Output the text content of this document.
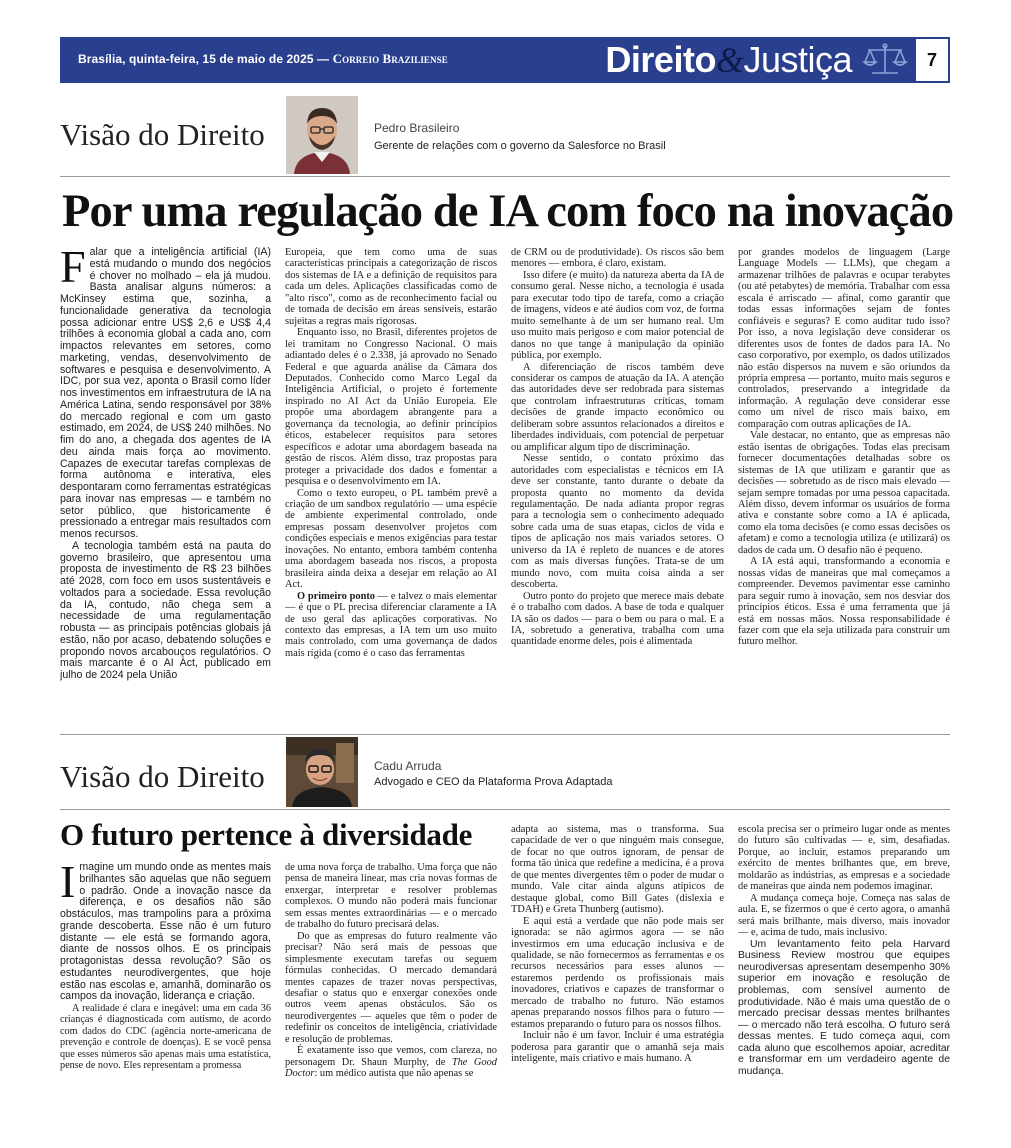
Brasília, quinta-feira, 15 de maio de 2025 — Correio Braziliense	Direito&Justiça	7
Visão do Direito	Pedro Brasileiro
Gerente de relações com o governo da Salesforce no Brasil
Por uma regulação de IA com foco na inovação

Falar que a inteligência artificial (IA) está mudando o mundo dos negócios é chover no molhado – ela já mudou. Basta analisar alguns números: a McKinsey estima que, sozinha, a funcionalidade generativa da tecnologia possa adicionar entre US$ 2,6 e US$ 4,4 trilhões à economia global a cada ano, com impactos relevantes em setores, como marketing, vendas, desenvolvimento de softwares e pesquisa e desenvolvimento. A IDC, por sua vez, aponta o Brasil como líder nos investimentos em infraestrutura de IA na América Latina, sendo responsável por 38% do mercado regional e com um gasto estimado, em 2024, de US$ 240 milhões. No fim do ano, a chegada dos agentes de IA deu ainda mais força ao movimento. Capazes de executar tarefas complexas de forma autônoma e interativa, eles despontaram como ferramentas estratégicas para inovar nas empresas — e também no setor público, que historicamente é pressionado a entregar mais resultados com menos recursos.

A tecnologia também está na pauta do governo brasileiro, que apresentou uma proposta de investimento de R$ 23 bilhões até 2028, com foco em usos sustentáveis e voltados para a sociedade. Essa revolução da IA, contudo, não chega sem a necessidade de uma regulamentação robusta — as principais potências globais já estão, não por acaso, debatendo soluções e propondo novos arcabouços regulatórios. O mais marcante é o AI Act, publicado em julho de 2024 pela União

Europeia, que tem como uma de suas características principais a categorização de riscos dos sistemas de IA e a definição de requisitos para cada um deles. Aplicações classificadas como de "alto risco", como as de reconhecimento facial ou de tomada de decisão em áreas sensíveis, estarão sujeitas a regras mais rigorosas.

Enquanto isso, no Brasil, diferentes projetos de lei tramitam no Congresso Nacional. O mais adiantado deles é o 2.338, já aprovado no Senado Federal e que aguarda análise da Câmara dos Deputados. Conhecido como Marco Legal da Inteligência Artificial, o projeto é fortemente inspirado no AI Act da União Europeia. Ele propõe uma abordagem abrangente para a governança da tecnologia, ao definir princípios éticos, estabelecer requisitos para setores específicos e adotar uma abordagem baseada na gestão de riscos. Além disso, traz propostas para proteger a privacidade dos dados e fomentar a pesquisa e o desenvolvimento em IA.

Como o texto europeu, o PL também prevê a criação de um sandbox regulatório — uma espécie de ambiente experimental controlado, onde empresas possam desenvolver projetos com condições especiais e menos exigências para testar inovações. No entanto, embora também contenha uma abordagem baseada nos riscos, a proposta brasileira ainda deixa a desejar em relação ao AI Act.

O primeiro ponto — e talvez o mais elementar — é que o PL precisa diferenciar claramente a IA de uso geral das aplicações corporativas. No contexto das empresas, a IA tem um uso muito mais controlado, com uma governança de dados mais rígida (como é o caso das ferramentas

de CRM ou de produtividade). Os riscos são bem menores — embora, é claro, existam.

Isso difere (e muito) da natureza aberta da IA de consumo geral. Nesse nicho, a tecnologia é usada para executar todo tipo de tarefa, como a criação de imagens, vídeos e até áudios com voz, de forma muito semelhante à de um ser humano real. Um uso muito mais perigoso e com maior potencial de danos no que tange à manipulação da opinião pública, por exemplo.

A diferenciação de riscos também deve considerar os campos de atuação da IA. A atenção das autoridades deve ser redobrada para sistemas que controlam infraestruturas críticas, tomam decisões de grande impacto econômico ou deliberam sobre assuntos relacionados a direitos e liberdades individuais, com potencial de perpetuar ou amplificar algum tipo de discriminação.

Nesse sentido, o contato próximo das autoridades com especialistas e técnicos em IA deve ser constante, tanto durante o debate da proposta quanto no momento da devida regulamentação. De nada adianta propor regras para a tecnologia sem o conhecimento adequado sobre cada uma de suas etapas, ciclos de vida e tipos de aplicação nos mais variados setores. O universo da IA é repleto de nuances e de atores com as mais diversas funções. Trata-se de um mundo novo, com muita coisa ainda a ser descoberta.

Outro ponto do projeto que merece mais debate é o trabalho com dados. A base de toda e qualquer IA são os dados — para o bem ou para o mal. E a IA, sobretudo a generativa, trabalha com uma quantidade enorme deles, pois é alimentada

por grandes modelos de linguagem (Large Language Models — LLMs), que chegam a armazenar trilhões de palavras e ocupar terabytes (ou até petabytes) de memória. Trabalhar com essa escala é arriscado — afinal, como garantir que todas essas informações sejam de fontes confiáveis e seguras? E como auditar tudo isso? Por isso, a nova legislação deve considerar os diferentes usos de fontes de dados para IA. No caso corporativo, por exemplo, os dados utilizados não estão dispersos na nuvem e são oriundos da própria empresa — portanto, muito mais seguros e controlados, preservando a integridade da informação. A regulação deve considerar esse como um nível de risco mais baixo, em comparação com outras aplicações de IA.

Vale destacar, no entanto, que as empresas não estão isentas de obrigações. Todas elas precisam fornecer documentações detalhadas sobre os sistemas de IA que utilizam e garantir que as decisões — sobretudo as de risco mais elevado — sejam sempre tomadas por uma pessoa capacitada. Além disso, devem informar os usuários de forma ativa e constante sobre como a IA é aplicada, como ela toma decisões (e como essas decisões os afetam) e como a tecnologia utiliza (e utilizará) os dados de cada um. O desafio não é pequeno.

A IA está aqui, transformando a economia e nossas vidas de maneiras que mal começamos a compreender. Devemos pavimentar esse caminho para seguir rumo à inovação, sem nos desviar dos princípios éticos. Essa é uma ferramenta que já está em nossas mãos. Nossa responsabilidade é fazer com que ela seja utilizada para construir um futuro melhor.

Visão do Direito	Cadu Arruda
Advogado e CEO da Plataforma Prova Adaptada
O futuro pertence à diversidade

Imagine um mundo onde as mentes mais brilhantes são aquelas que não seguem o padrão. Onde a inovação nasce da diferença, e os desafios não são obstáculos, mas trampolins para a próxima grande descoberta. Esse não é um futuro distante — ele está se formando agora, diante de nossos olhos. E os principais protagonistas dessa revolução? São os estudantes neurodivergentes, que hoje estão nas escolas e, amanhã, dominarão os campos da inovação, liderança e criação.

A realidade é clara e inegável: uma em cada 36 crianças é diagnosticada com autismo, de acordo com dados do CDC (agência norte-americana de prevenção e controle de doenças). E se você pensa que esses números são apenas mais uma estatística, pense de novo. Eles representam a promessa

de uma nova força de trabalho. Uma força que não pensa de maneira linear, mas cria novas formas de enxergar, interpretar e resolver problemas complexos. O mundo não poderá mais funcionar sem essas mentes extraordinárias — e o mercado de trabalho do futuro precisará delas.

Do que as empresas do futuro realmente vão precisar? Não será mais de pessoas que simplesmente executam tarefas ou seguem fórmulas conhecidas. O mercado demandará mentes capazes de trazer novas perspectivas, desafiar o status quo e enxergar conexões onde outros veem apenas obstáculos. São os neurodivergentes — aqueles que têm o poder de redefinir os conceitos de inteligência, criatividade e resolução de problemas.

É exatamente isso que vemos, com clareza, no personagem Dr. Shaun Murphy, de The Good Doctor: um médico autista que não apenas se

adapta ao sistema, mas o transforma. Sua capacidade de ver o que ninguém mais consegue, de focar no que outros ignoram, de pensar de forma tão única que redefine a medicina, é a prova de que mentes divergentes têm o poder de mudar o mundo. Vale citar ainda alguns atípicos de destaque global, como Bill Gates (dislexia e TDAH) e Greta Thunberg (autismo).

E aqui está a verdade que não pode mais ser ignorada: se não agirmos agora — se não investirmos em uma educação inclusiva e de qualidade, se não fornecermos as ferramentas e os recursos necessários para esses alunos — estaremos perdendo os profissionais mais inovadores, criativos e capazes de transformar o mercado de trabalho no futuro. Não estamos apenas preparando nossos filhos para o futuro — estamos preparando o futuro para os nossos filhos.

Incluir não é um favor. Incluir é uma estratégia poderosa para garantir que o amanhã seja mais inteligente, mais criativo e mais humano. A

escola precisa ser o primeiro lugar onde as mentes do futuro são cultivadas — e, sim, desafiadas. Porque, ao incluir, estamos preparando um exército de mentes brilhantes que, em breve, moldarão as indústrias, as empresas e a sociedade de maneiras que ainda nem podemos imaginar.

A mudança começa hoje. Começa nas salas de aula. E, se fizermos o que é certo agora, o amanhã será mais brilhante, mais diverso, mais inovador — e, acima de tudo, mais inclusivo.

Um levantamento feito pela Harvard Business Review mostrou que equipes neurodiversas apresentam desempenho 30% superior em inovação e resolução de problemas, com sensível aumento de produtividade. Não é mais uma questão de o mercado precisar dessas mentes brilhantes — o mercado não terá escolha. O futuro será dessas mentes. E tudo começa aqui, com cada aluno que escolhemos apoiar, acreditar e transformar em um verdadeiro agente de mudança.
